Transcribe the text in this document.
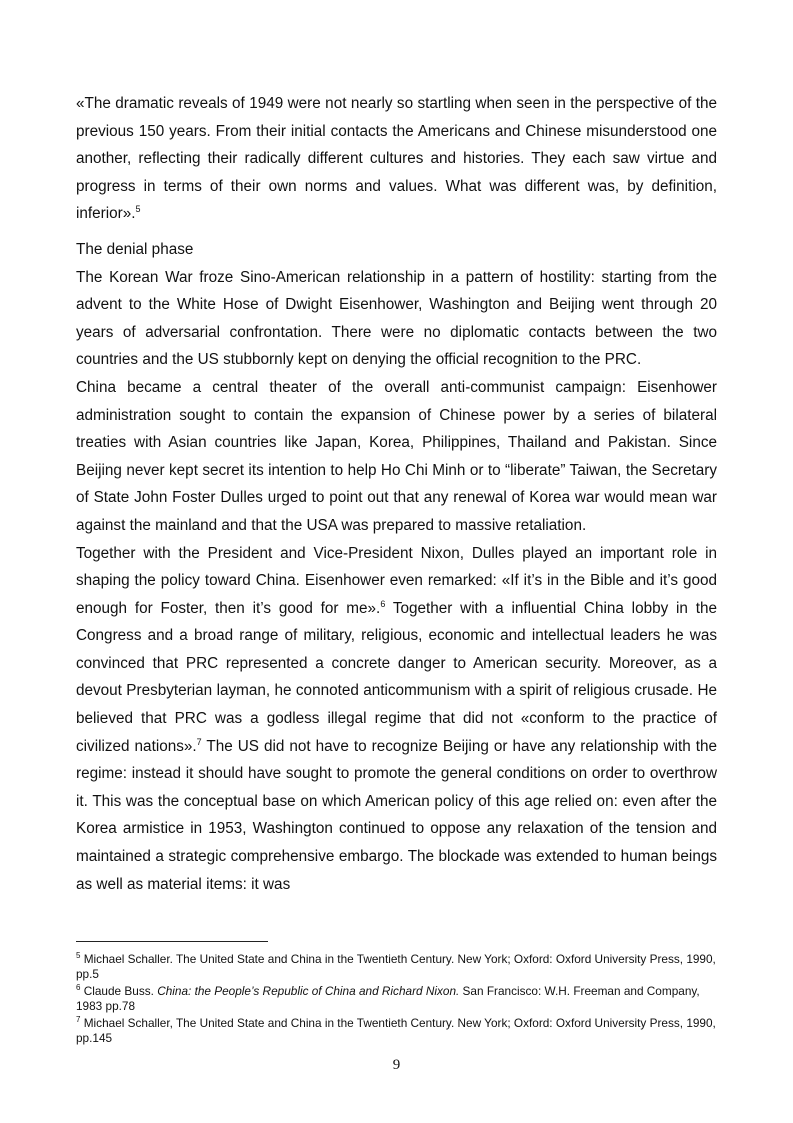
«The dramatic reveals of 1949 were not nearly so startling when seen in the perspective of the previous 150 years. From their initial contacts the Americans and Chinese misunderstood one another, reflecting their radically different cultures and histories. They each saw virtue and progress in terms of their own norms and values. What was different was, by definition, inferior».$^5$

The denial phase

The Korean War froze Sino-American relationship in a pattern of hostility: starting from the advent to the White Hose of Dwight Eisenhower, Washington and Beijing went through 20 years of adversarial confrontation. There were no diplomatic contacts between the two countries and the US stubbornly kept on denying the official recognition to the PRC.

China became a central theater of the overall anti-communist campaign: Eisenhower administration sought to contain the expansion of Chinese power by a series of bilateral treaties with Asian countries like Japan, Korea, Philippines, Thailand and Pakistan. Since Beijing never kept secret its intention to help Ho Chi Minh or to “liberate” Taiwan, the Secretary of State John Foster Dulles urged to point out that any renewal of Korea war would mean war against the mainland and that the USA was prepared to massive retaliation.

Together with the President and Vice-President Nixon, Dulles played an important role in shaping the policy toward China. Eisenhower even remarked: «If it’s in the Bible and it’s good enough for Foster, then it’s good for me».$^6$ Together with a influential China lobby in the Congress and a broad range of military, religious, economic and intellectual leaders he was convinced that PRC represented a concrete danger to American security. Moreover, as a devout Presbyterian layman, he connoted anticommunism with a spirit of religious crusade. He believed that PRC was a godless illegal regime that did not «conform to the practice of civilized nations».$^7$ The US did not have to recognize Beijing or have any relationship with the regime: instead it should have sought to promote the general conditions on order to overthrow it. This was the conceptual base on which American policy of this age relied on: even after the Korea armistice in 1953, Washington continued to oppose any relaxation of the tension and maintained a strategic comprehensive embargo. The blockade was extended to human beings as well as material items: it was

$^5$ Michael Schaller. The United State and China in the Twentieth Century. New York; Oxford: Oxford University Press, 1990, pp.5

$^6$ Claude Buss. China: the People’s Republic of China and Richard Nixon. San Francisco: W.H. Freeman and Company, 1983 pp.78

$^7$ Michael Schaller, The United State and China in the Twentieth Century. New York; Oxford: Oxford University Press, 1990, pp.145

9
